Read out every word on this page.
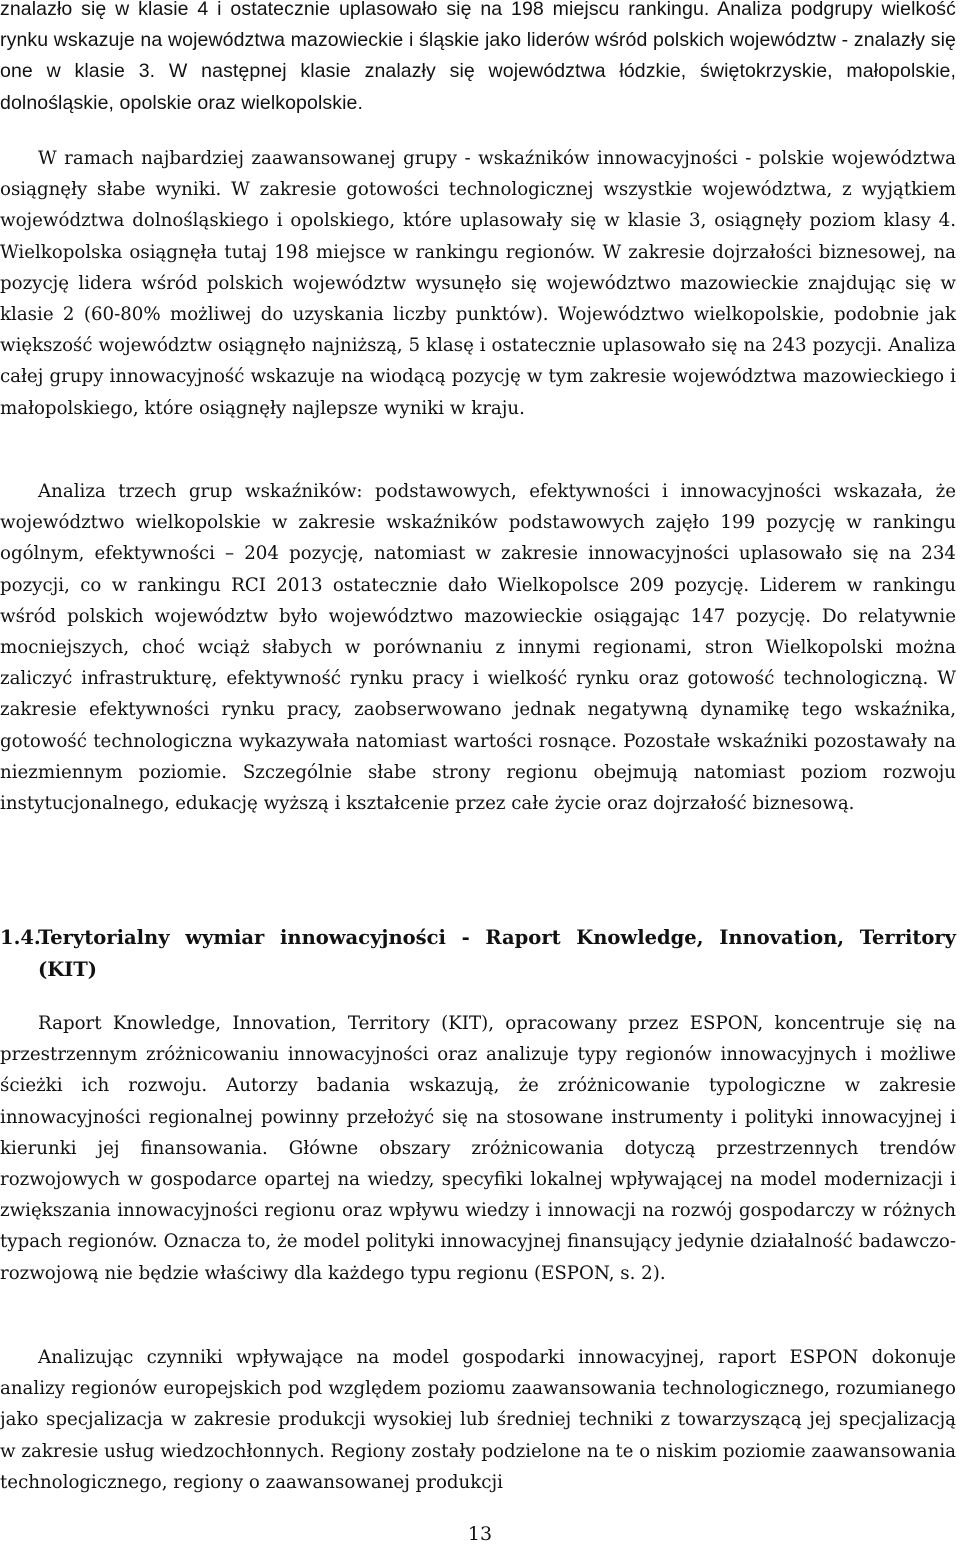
znalazło się w klasie 4 i ostatecznie uplasowało się na 198 miejscu rankingu. Analiza podgrupy wielkość rynku wskazuje na województwa mazowieckie i śląskie jako liderów wśród polskich województw - znalazły się one w klasie 3. W następnej klasie znalazły się województwa łódzkie, świętokrzyskie, małopolskie, dolnośląskie, opolskie oraz wielkopolskie.

W ramach najbardziej zaawansowanej grupy - wskaźników innowacyjności - polskie województwa osiągnęły słabe wyniki. W zakresie gotowości technologicznej wszystkie województwa, z wyjątkiem województwa dolnośląskiego i opolskiego, które uplasowały się w klasie 3, osiągnęły poziom klasy 4. Wielkopolska osiągnęła tutaj 198 miejsce w rankingu regionów. W zakresie dojrzałości biznesowej, na pozycję lidera wśród polskich województw wysunęło się województwo mazowieckie znajdując się w klasie 2 (60-80% możliwej do uzyskania liczby punktów). Województwo wielkopolskie, podobnie jak większość województw osiągnęło najniższą, 5 klasę i ostatecznie uplasowało się na 243 pozycji. Analiza całej grupy innowacyjność wskazuje na wiodącą pozycję w tym zakresie województwa mazowieckiego i małopolskiego, które osiągnęły najlepsze wyniki w kraju.

Analiza trzech grup wskaźników: podstawowych, efektywności i innowacyjności wskazała, że województwo wielkopolskie w zakresie wskaźników podstawowych zajęło 199 pozycję w rankingu ogólnym, efektywności – 204 pozycję, natomiast w zakresie innowacyjności uplasowało się na 234 pozycji, co w rankingu RCI 2013 ostatecznie dało Wielkopolsce 209 pozycję. Liderem w rankingu wśród polskich województw było województwo mazowieckie osiągając 147 pozycję. Do relatywnie mocniejszych, choć wciąż słabych w porównaniu z innymi regionami, stron Wielkopolski można zaliczyć infrastrukturę, efektywność rynku pracy i wielkość rynku oraz gotowość technologiczną. W zakresie efektywności rynku pracy, zaobserwowano jednak negatywną dynamikę tego wskaźnika, gotowość technologiczna wykazywała natomiast wartości rosnące. Pozostałe wskaźniki pozostawały na niezmiennym poziomie. Szczególnie słabe strony regionu obejmują natomiast poziom rozwoju instytucjonalnego, edukację wyższą i kształcenie przez całe życie oraz dojrzałość biznesową.

1.4.
Terytorialny wymiar innowacyjności - Raport Knowledge, Innovation, Territory (KIT)

Raport Knowledge, Innovation, Territory (KIT), opracowany przez ESPON, koncentruje się na przestrzennym zróżnicowaniu innowacyjności oraz analizuje typy regionów innowacyjnych i możliwe ścieżki ich rozwoju. Autorzy badania wskazują, że zróżnicowanie typologiczne w zakresie innowacyjności regionalnej powinny przełożyć się na stosowane instrumenty i polityki innowacyjnej i kierunki jej finansowania. Główne obszary zróżnicowania dotyczą przestrzennych trendów rozwojowych w gospodarce opartej na wiedzy, specyfiki lokalnej wpływającej na model modernizacji i zwiększania innowacyjności regionu oraz wpływu wiedzy i innowacji na rozwój gospodarczy w różnych typach regionów. Oznacza to, że model polityki innowacyjnej finansujący jedynie działalność badawczo-rozwojową nie będzie właściwy dla każdego typu regionu (ESPON, s. 2).

Analizując czynniki wpływające na model gospodarki innowacyjnej, raport ESPON dokonuje analizy regionów europejskich pod względem poziomu zaawansowania technologicznego, rozumianego jako specjalizacja w zakresie produkcji wysokiej lub średniej techniki z towarzyszącą jej specjalizacją w zakresie usług wiedzochłonnych. Regiony zostały podzielone na te o niskim poziomie zaawansowania technologicznego, regiony o zaawansowanej produkcji

13
